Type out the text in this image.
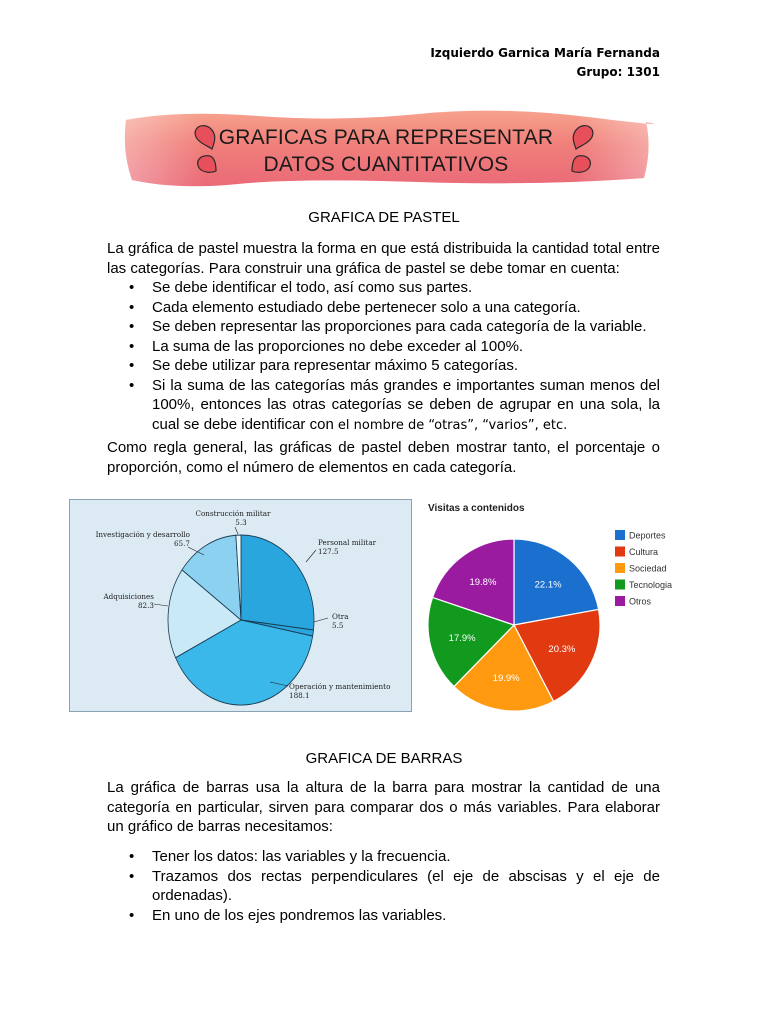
Izquierdo Garnica María Fernanda
Grupo: 1301
GRAFICAS PARA REPRESENTAR
DATOS CUANTITATIVOS
GRAFICA DE PASTEL

La gráfica de pastel muestra la forma en que está distribuida la cantidad total entre las categorías. Para construir una gráfica de pastel se debe tomar en cuenta:

• Se debe identificar el todo, así como sus partes.
• Cada elemento estudiado debe pertenecer solo a una categoría.
• Se deben representar las proporciones para cada categoría de la variable.
• La suma de las proporciones no debe exceder al 100%.
• Se debe utilizar para representar máximo 5 categorías.
• Si la suma de las categorías más grandes e importantes suman menos del 100%, entonces las otras categorías se deben de agrupar en una sola, la cual se debe identificar con el nombre de “otras”, “varios”, etc.

Como regla general, las gráficas de pastel deben mostrar tanto, el porcentaje o proporción, como el número de elementos en cada categoría.

Personal militar
127.5
Otra
5.5
Operación y mantenimiento
188.1
Adquisiciones
82.3
Investigación y desarrollo
65.7
Construcción militar
5.3
Visitas a contenidos
22.1%
20.3%
19.9%
17.9%
19.8%
Deportes
Cultura
Sociedad
Tecnologia
Otros
GRAFICA DE BARRAS

La gráfica de barras usa la altura de la barra para mostrar la cantidad de una categoría en particular, sirven para comparar dos o más variables. Para elaborar un gráfico de barras necesitamos:

• Tener los datos: las variables y la frecuencia.
• Trazamos dos rectas perpendiculares (el eje de abscisas y el eje de ordenadas).
• En uno de los ejes pondremos las variables.
